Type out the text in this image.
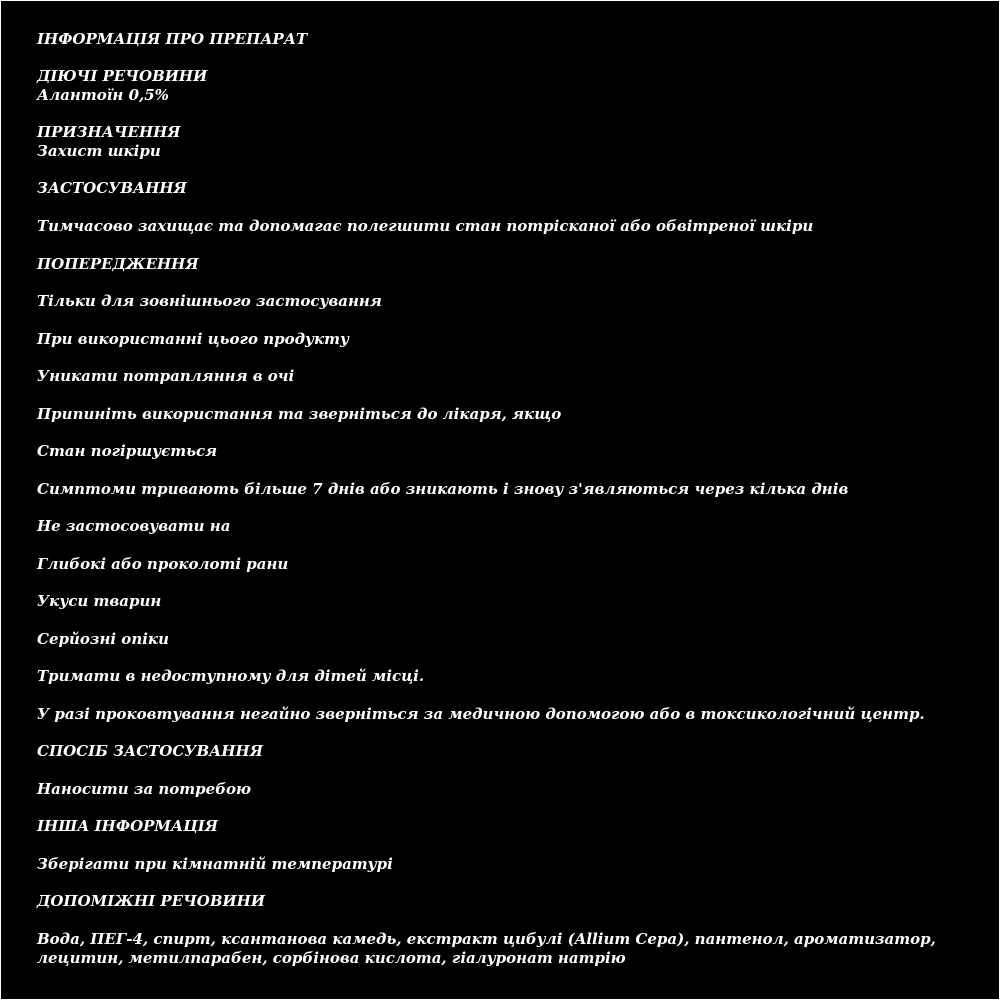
ІНФОРМАЦІЯ ПРО ПРЕПАРАТ

ДІЮЧІ РЕЧОВИНИ

Алантоїн 0,5%

ПРИЗНАЧЕННЯ

Захист шкіри

ЗАСТОСУВАННЯ

Тимчасово захищає та допомагає полегшити стан потрісканої або обвітреної шкіри

ПОПЕРЕДЖЕННЯ

Тільки для зовнішнього застосування

При використанні цього продукту

Уникати потрапляння в очі

Припиніть використання та зверніться до лікаря, якщо

Стан погіршується

Симптоми тривають більше 7 днів або зникають і знову з'являються через кілька днів

Не застосовувати на

Глибокі або проколоті рани

Укуси тварин

Серйозні опіки

Тримати в недоступному для дітей місці.

У разі проковтування негайно зверніться за медичною допомогою або в токсикологічний центр.

СПОСІБ ЗАСТОСУВАННЯ

Наносити за потребою

ІНША ІНФОРМАЦІЯ

Зберігати при кімнатній температурі

ДОПОМІЖНІ РЕЧОВИНИ

Вода, ПЕГ-4, спирт, ксантанова камедь, екстракт цибулі (Allium Cepa), пантенол, ароматизатор, лецитин, метилпарабен, сорбінова кислота, гіалуронат натрію
